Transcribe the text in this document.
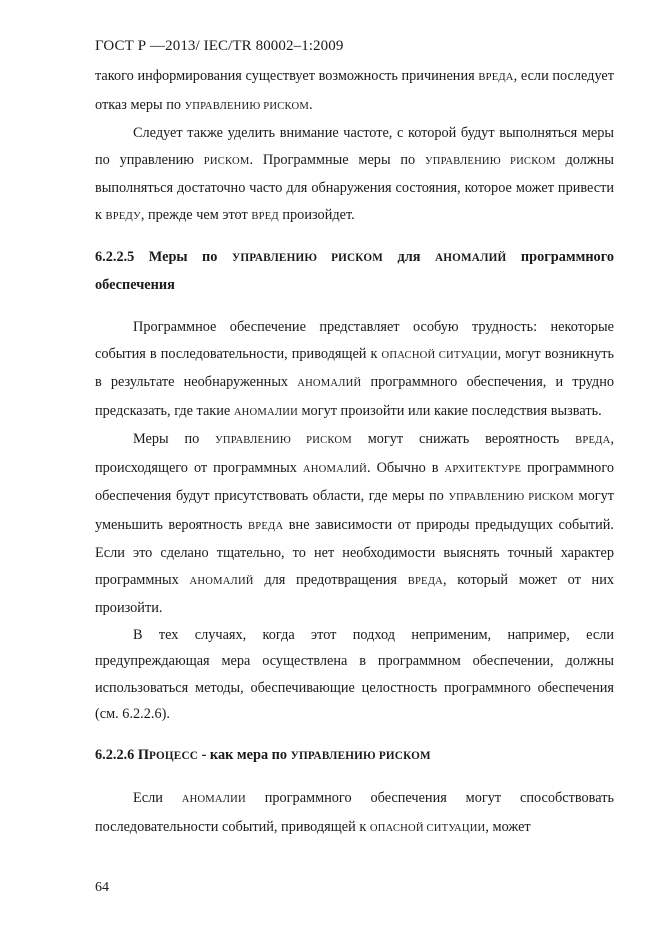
ГОСТ Р —2013/ IEC/TR 80002–1:2009

такого информирования существует возможность причинения ВРЕДА, если последует отказ меры по УПРАВЛЕНИЮ РИСКОМ.

Следует также уделить внимание частоте, с которой будут выполняться меры по управлению РИСКОМ. Программные меры по УПРАВЛЕНИЮ РИСКОМ должны выполняться достаточно часто для обнаружения состояния, которое может привести к ВРЕДУ, прежде чем этот ВРЕД произойдет.

6.2.2.5 Меры по УПРАВЛЕНИЮ РИСКОМ для АНОМАЛИЙ программного обеспечения

Программное обеспечение представляет особую трудность: некоторые события в последовательности, приводящей к ОПАСНОЙ СИТУАЦИИ, могут возникнуть в результате необнаруженных АНОМАЛИЙ программного обеспечения, и трудно предсказать, где такие АНОМАЛИИ могут произойти или какие последствия вызвать.

Меры по УПРАВЛЕНИЮ РИСКОМ могут снижать вероятность ВРЕДА, происходящего от программных АНОМАЛИЙ. Обычно в АРХИТЕКТУРЕ программного обеспечения будут присутствовать области, где меры по УПРАВЛЕНИЮ РИСКОМ могут уменьшить вероятность ВРЕДА вне зависимости от природы предыдущих событий. Если это сделано тщательно, то нет необходимости выяснять точный характер программных АНОМАЛИЙ для предотвращения ВРЕДА, который может от них произойти.

В тех случаях, когда этот подход неприменим, например, если предупреждающая мера осуществлена в программном обеспечении, должны использоваться методы, обеспечивающие целостность программного обеспечения (см. 6.2.2.6).

6.2.2.6 ПРОЦЕСС - как мера по УПРАВЛЕНИЮ РИСКОМ

Если АНОМАЛИИ программного обеспечения могут способствовать последовательности событий, приводящей к ОПАСНОЙ СИТУАЦИИ, может

64
